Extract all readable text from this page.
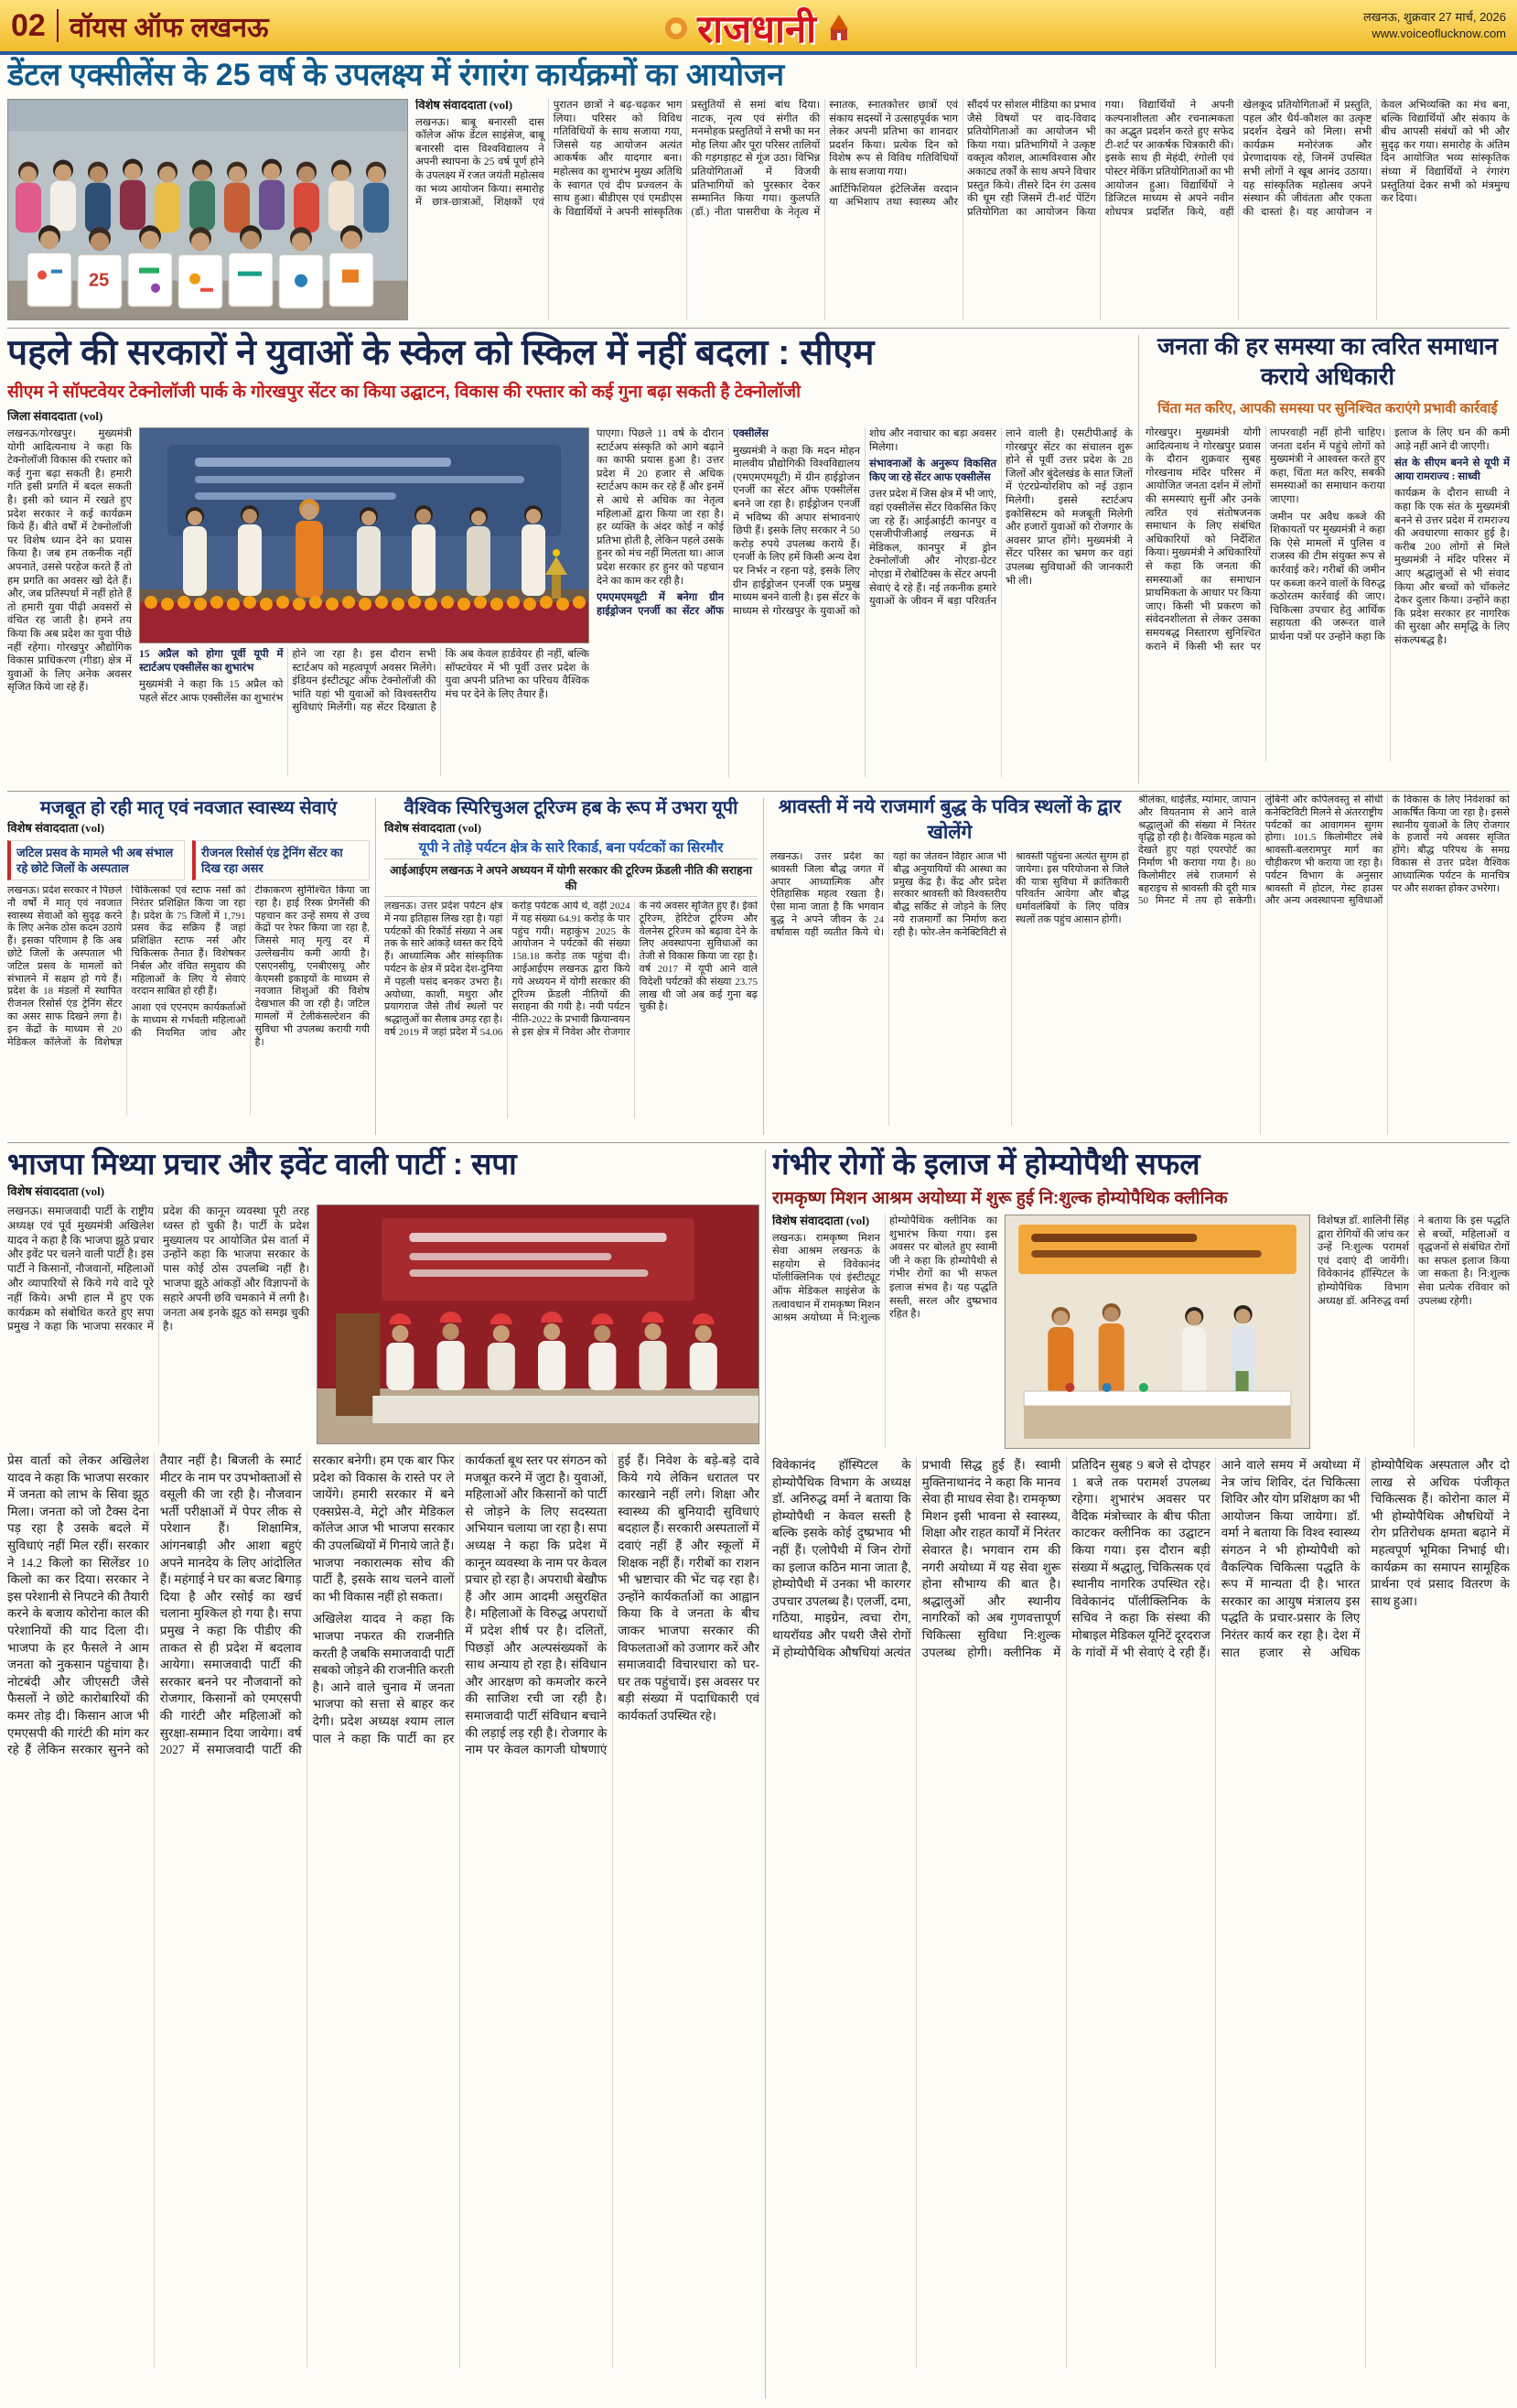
02 वॉयस ऑफ लखनऊ	राजधानी	लखनऊ, शुक्रवार 27 मार्च, 2026
www.voiceoflucknow.com
डेंटल एक्सीलेंस के 25 वर्ष के उपलक्ष्य में रंगारंग कार्यक्रमों का आयोजन
25

विशेष संवाददाता (vol)

लखनऊ। बाबू बनारसी दास कॉलेज ऑफ डेंटल साइंसेज, बाबू बनारसी दास विश्वविद्यालय ने अपनी स्थापना के 25 वर्ष पूर्ण होने के उपलक्ष्य में रजत जयंती महोत्सव का भव्य आयोजन किया। समारोह में छात्र-छात्राओं, शिक्षकों एवं पुरातन छात्रों ने बढ़-चढ़कर भाग लिया। परिसर को विविध गतिविधियों के साथ सजाया गया, जिससे यह आयोजन अत्यंत आकर्षक और यादगार बना। महोत्सव का शुभारंभ मुख्य अतिथि के स्वागत एवं दीप प्रज्वलन के साथ हुआ। बीडीएस एवं एमडीएस के विद्यार्थियों ने अपनी सांस्कृतिक प्रस्तुतियों से समां बांध दिया। नाटक, नृत्य एवं संगीत की मनमोहक प्रस्तुतियों ने सभी का मन मोह लिया और पूरा परिसर तालियों की गड़गड़ाहट से गूंज उठा। विभिन्न प्रतियोगिताओं में विजयी प्रतिभागियों को पुरस्कार देकर सम्मानित किया गया। कुलपति (डॉ.) नीता पासरीचा के नेतृत्व में स्नातक, स्नातकोत्तर छात्रों एवं संकाय सदस्यों ने उत्साहपूर्वक भाग लेकर अपनी प्रतिभा का शानदार प्रदर्शन किया। प्रत्येक दिन को विशेष रूप से विविध गतिविधियों के साथ सजाया गया।

आर्टिफिशियल इंटेलिजेंस वरदान या अभिशाप तथा स्वास्थ्य और सौंदर्य पर सोशल मीडिया का प्रभाव जैसे विषयों पर वाद-विवाद प्रतियोगिताओं का आयोजन भी किया गया। प्रतिभागियों ने उत्कृष्ट वक्तृत्व कौशल, आत्मविश्वास और अकाट्य तर्कों के साथ अपने विचार प्रस्तुत किये। तीसरे दिन रंग उत्सव की धूम रही जिसमें टी-शर्ट पेंटिंग प्रतियोगिता का आयोजन किया गया। विद्यार्थियों ने अपनी कल्पनाशीलता और रचनात्मकता का अद्भुत प्रदर्शन करते हुए सफेद टी-शर्ट पर आकर्षक चित्रकारी की। इसके साथ ही मेहंदी, रंगोली एवं पोस्टर मेकिंग प्रतियोगिताओं का भी आयोजन हुआ। विद्यार्थियों ने डिजिटल माध्यम से अपने नवीन शोधपत्र प्रदर्शित किये, वहीं खेलकूद प्रतियोगिताओं में प्रस्तुति, पहल और धैर्य-कौशल का उत्कृष्ट प्रदर्शन देखने को मिला। सभी कार्यक्रम मनोरंजक और प्रेरणादायक रहे, जिनमें उपस्थित सभी लोगों ने खूब आनंद उठाया। यह सांस्कृतिक महोत्सव अपने संस्थान की जीवंतता और एकता की दास्तां है। यह आयोजन न केवल अभिव्यक्ति का मंच बना, बल्कि विद्यार्थियों और संकाय के बीच आपसी संबंधों को भी और सुदृढ़ कर गया। समारोह के अंतिम दिन आयोजित भव्य सांस्कृतिक संध्या में विद्यार्थियों ने रंगारंग प्रस्तुतियां देकर सभी को मंत्रमुग्ध कर दिया।

पहले की सरकारों ने युवाओं के स्केल को स्किल में नहीं बदला : सीएम
सीएम ने सॉफ्टवेयर टेक्नोलॉजी पार्क के गोरखपुर सेंटर का किया उद्घाटन, विकास की रफ्तार को कई गुना बढ़ा सकती है टेक्नोलॉजी

जिला संवाददाता (vol)

लखनऊ/गोरखपुर। मुख्यमंत्री योगी आदित्यनाथ ने कहा कि टेक्नोलॉजी विकास की रफ्तार को कई गुना बढ़ा सकती है। हमारी गति इसी प्रगति में बदल सकती है। इसी को ध्यान में रखते हुए प्रदेश सरकार ने कई कार्यक्रम किये हैं। बीते वर्षों में टेक्नोलॉजी पर विशेष ध्यान देने का प्रयास किया है। जब हम तकनीक नहीं अपनाते, उससे परहेज करते हैं तो हम प्रगति का अवसर खो देते हैं। और, जब प्रतिस्पर्धा में नहीं होते हैं तो हमारी युवा पीढ़ी अवसरों से वंचित रह जाती है। हमने तय किया कि अब प्रदेश का युवा पीछे नहीं रहेगा। गोरखपुर औद्योगिक विकास प्राधिकरण (गीडा) क्षेत्र में युवाओं के लिए अनेक अवसर सृजित किये जा रहे हैं।

15 अप्रैल को होगा पूर्वी यूपी में स्टार्टअप एक्सीलेंस का शुभारंभ

मुख्यमंत्री ने कहा कि 15 अप्रैल को पहले सेंटर आफ एक्सीलेंस का शुभारंभ होने जा रहा है। इस दौरान सभी स्टार्टअप को महत्वपूर्ण अवसर मिलेंगे। इंडियन इंस्टीट्यूट ऑफ टेक्नोलॉजी की भांति यहां भी युवाओं को विश्वस्तरीय सुविधाएं मिलेंगी। यह सेंटर दिखाता है कि अब केवल हार्डवेयर ही नहीं, बल्कि सॉफ्टवेयर में भी पूर्वी उत्तर प्रदेश के युवा अपनी प्रतिभा का परिचय वैश्विक मंच पर देने के लिए तैयार हैं।

पाएगा। पिछले 11 वर्ष के दौरान स्टार्टअप संस्कृति को आगे बढ़ाने का काफी प्रयास हुआ है। उत्तर प्रदेश में 20 हजार से अधिक स्टार्टअप काम कर रहे हैं और इनमें से आधे से अधिक का नेतृत्व महिलाओं द्वारा किया जा रहा है। हर व्यक्ति के अंदर कोई न कोई प्रतिभा होती है, लेकिन पहले उसके हुनर को मंच नहीं मिलता था। आज प्रदेश सरकार हर हुनर को पहचान देने का काम कर रही है।

एमएमएमयूटी में बनेगा ग्रीन हाईड्रोजन एनर्जी का सेंटर ऑफ एक्सीलेंस

मुख्यमंत्री ने कहा कि मदन मोहन मालवीय प्रौद्योगिकी विश्वविद्यालय (एमएमएमयूटी) में ग्रीन हाईड्रोजन एनर्जी का सेंटर ऑफ एक्सीलेंस बनने जा रहा है। हाईड्रोजन एनर्जी में भविष्य की अपार संभावनाएं छिपी हैं। इसके लिए सरकार ने 50 करोड़ रुपये उपलब्ध कराये हैं। एनर्जी के लिए हमें किसी अन्य देश पर निर्भर न रहना पड़े, इसके लिए ग्रीन हाईड्रोजन एनर्जी एक प्रमुख माध्यम बनने वाली है। इस सेंटर के माध्यम से गोरखपुर के युवाओं को शोध और नवाचार का बड़ा अवसर मिलेगा।

संभावनाओं के अनुरूप विकसित किए जा रहे सेंटर आफ एक्सीलेंस

उत्तर प्रदेश में जिस क्षेत्र में भी जाएं, वहां एक्सीलेंस सेंटर विकसित किए जा रहे हैं। आईआईटी कानपुर व एसजीपीजीआई लखनऊ में मेडिकल, कानपुर में ड्रोन टेक्नोलॉजी और नोएडा-ग्रेटर नोएडा में रोबोटिक्स के सेंटर अपनी सेवाएं दे रहे हैं। नई तकनीक हमारे युवाओं के जीवन में बड़ा परिवर्तन लाने वाली है। एसटीपीआई के गोरखपुर सेंटर का संचालन शुरू होने से पूर्वी उत्तर प्रदेश के 28 जिलों और बुंदेलखंड के सात जिलों में एंटरप्रेन्योरशिप को नई उड़ान मिलेगी। इससे स्टार्टअप इकोसिस्टम को मजबूती मिलेगी और हजारों युवाओं को रोजगार के अवसर प्राप्त होंगे। मुख्यमंत्री ने सेंटर परिसर का भ्रमण कर वहां उपलब्ध सुविधाओं की जानकारी भी ली।

जनता की हर समस्या का त्वरित समाधान कराये अधिकारी
चिंता मत करिए, आपकी समस्या पर सुनिश्चित कराएंगे प्रभावी कार्रवाई

गोरखपुर। मुख्यमंत्री योगी आदित्यनाथ ने गोरखपुर प्रवास के दौरान शुक्रवार सुबह गोरखनाथ मंदिर परिसर में आयोजित जनता दर्शन में लोगों की समस्याएं सुनीं और उनके त्वरित एवं संतोषजनक समाधान के लिए संबंधित अधिकारियों को निर्देशित किया। मुख्यमंत्री ने अधिकारियों से कहा कि जनता की समस्याओं का समाधान प्राथमिकता के आधार पर किया जाए। किसी भी प्रकरण को संवेदनशीलता से लेकर उसका समयबद्ध निस्तारण सुनिश्चित कराने में किसी भी स्तर पर लापरवाही नहीं होनी चाहिए। जनता दर्शन में पहुंचे लोगों को मुख्यमंत्री ने आश्वस्त करते हुए कहा, चिंता मत करिए, सबकी समस्याओं का समाधान कराया जाएगा।

जमीन पर अवैध कब्जे की शिकायतों पर मुख्यमंत्री ने कहा कि ऐसे मामलों में पुलिस व राजस्व की टीम संयुक्त रूप से कार्रवाई करे। गरीबों की जमीन पर कब्जा करने वालों के विरुद्ध कठोरतम कार्रवाई की जाए। चिकित्सा उपचार हेतु आर्थिक सहायता की जरूरत वाले प्रार्थना पत्रों पर उन्होंने कहा कि इलाज के लिए धन की कमी आड़े नहीं आने दी जाएगी।

संत के सीएम बनने से यूपी में आया रामराज्य : साध्वी

कार्यक्रम के दौरान साध्वी ने कहा कि एक संत के मुख्यमंत्री बनने से उत्तर प्रदेश में रामराज्य की अवधारणा साकार हुई है। करीब 200 लोगों से मिले मुख्यमंत्री ने मंदिर परिसर में आए श्रद्धालुओं से भी संवाद किया और बच्चों को चॉकलेट देकर दुलार किया। उन्होंने कहा कि प्रदेश सरकार हर नागरिक की सुरक्षा और समृद्धि के लिए संकल्पबद्ध है।

मजबूत हो रही मातृ एवं नवजात स्वास्थ्य सेवाएं

विशेष संवाददाता (vol)

जटिल प्रसव के मामले भी अब संभाल रहे छोटे जिलों के अस्पताल
रीजनल रिसोर्स एंड ट्रेनिंग सेंटर का दिख रहा असर

लखनऊ। प्रदेश सरकार ने पिछले नौ वर्षों में मातृ एवं नवजात स्वास्थ्य सेवाओं को सुदृढ़ करने के लिए अनेक ठोस कदम उठाये हैं। इसका परिणाम है कि अब छोटे जिलों के अस्पताल भी जटिल प्रसव के मामलों को संभालने में सक्षम हो गये हैं। प्रदेश के 18 मंडलों में स्थापित रीजनल रिसोर्स एंड ट्रेनिंग सेंटर का असर साफ दिखने लगा है। इन केंद्रों के माध्यम से 20 मेडिकल कॉलेजों के विशेषज्ञ चिकित्सकों एवं स्टाफ नर्सों को निरंतर प्रशिक्षित किया जा रहा है। प्रदेश के 75 जिलों में 1,791 प्रसव केंद्र सक्रिय हैं जहां प्रशिक्षित स्टाफ नर्स और चिकित्सक तैनात हैं। विशेषकर निर्बल और वंचित समुदाय की महिलाओं के लिए ये सेवाएं वरदान साबित हो रही हैं।

आशा एवं एएनएम कार्यकर्ताओं के माध्यम से गर्भवती महिलाओं की नियमित जांच और टीकाकरण सुनिश्चित किया जा रहा है। हाई रिस्क प्रेगनेंसी की पहचान कर उन्हें समय से उच्च केंद्रों पर रेफर किया जा रहा है, जिससे मातृ मृत्यु दर में उल्लेखनीय कमी आयी है। एसएनसीयू, एनबीएसयू और केएमसी इकाइयों के माध्यम से नवजात शिशुओं की विशेष देखभाल की जा रही है। जटिल मामलों में टेलीकंसल्टेशन की सुविधा भी उपलब्ध करायी गयी है।

वैश्विक स्पिरिचुअल टूरिज्म हब के रूप में उभरा यूपी

विशेष संवाददाता (vol)

यूपी ने तोड़े पर्यटन क्षेत्र के सारे रिकार्ड, बना पर्यटकों का सिरमौर
आईआईएम लखनऊ ने अपने अध्ययन में योगी सरकार की टूरिज्म फ्रेंडली नीति की सराहना की

लखनऊ। उत्तर प्रदेश पर्यटन क्षेत्र में नया इतिहास लिख रहा है। यहां पर्यटकों की रिकॉर्ड संख्या ने अब तक के सारे आंकड़े ध्वस्त कर दिये हैं। आध्यात्मिक और सांस्कृतिक पर्यटन के क्षेत्र में प्रदेश देश-दुनिया में पहली पसंद बनकर उभरा है। अयोध्या, काशी, मथुरा और प्रयागराज जैसे तीर्थ स्थलों पर श्रद्धालुओं का सैलाब उमड़ रहा है। वर्ष 2019 में जहां प्रदेश में 54.06 करोड़ पर्यटक आये थे, वहीं 2024 में यह संख्या 64.91 करोड़ के पार पहुंच गयी। महाकुंभ 2025 के आयोजन ने पर्यटकों की संख्या 158.18 करोड़ तक पहुंचा दी। आईआईएम लखनऊ द्वारा किये गये अध्ययन में योगी सरकार की टूरिज्म फ्रेंडली नीतियों की सराहना की गयी है। नयी पर्यटन नीति-2022 के प्रभावी क्रियान्वयन से इस क्षेत्र में निवेश और रोजगार के नये अवसर सृजित हुए हैं। ईको टूरिज्म, हेरिटेज टूरिज्म और वेलनेस टूरिज्म को बढ़ावा देने के लिए अवस्थापना सुविधाओं का तेजी से विकास किया जा रहा है। वर्ष 2017 में यूपी आने वाले विदेशी पर्यटकों की संख्या 23.75 लाख थी जो अब कई गुना बढ़ चुकी है।

श्रावस्ती में नये राजमार्ग बुद्ध के पवित्र स्थलों के द्वार खोलेंगे

लखनऊ। उत्तर प्रदेश का श्रावस्ती जिला बौद्ध जगत में अपार आध्यात्मिक और ऐतिहासिक महत्व रखता है। ऐसा माना जाता है कि भगवान बुद्ध ने अपने जीवन के 24 वर्षावास यहीं व्यतीत किये थे। यहां का जेतवन विहार आज भी बौद्ध अनुयायियों की आस्था का प्रमुख केंद्र है। केंद्र और प्रदेश सरकार श्रावस्ती को विश्वस्तरीय बौद्ध सर्किट से जोड़ने के लिए नये राजमार्गों का निर्माण करा रही है। फोर-लेन कनेक्टिविटी से श्रावस्ती पहुंचना अत्यंत सुगम हो जायेगा। इस परियोजना से जिले की यात्रा सुविधा में क्रांतिकारी परिवर्तन आयेगा और बौद्ध धर्मावलंबियों के लिए पवित्र स्थलों तक पहुंच आसान होगी।

श्रीलंका, थाईलैंड, म्यांमार, जापान और वियतनाम से आने वाले श्रद्धालुओं की संख्या में निरंतर वृद्धि हो रही है। वैश्विक महत्व को देखते हुए यहां एयरपोर्ट का निर्माण भी कराया गया है। 80 किलोमीटर लंबे राजमार्ग से बहराइच से श्रावस्ती की दूरी मात्र 50 मिनट में तय हो सकेगी। लुंबिनी और कपिलवस्तु से सीधी कनेक्टिविटी मिलने से अंतरराष्ट्रीय पर्यटकों का आवागमन सुगम होगा। 101.5 किलोमीटर लंबे श्रावस्ती-बलरामपुर मार्ग का चौड़ीकरण भी कराया जा रहा है। पर्यटन विभाग के अनुसार श्रावस्ती में होटल, गेस्ट हाउस और अन्य अवस्थापना सुविधाओं के विकास के लिए निवेशकों को आकर्षित किया जा रहा है। इससे स्थानीय युवाओं के लिए रोजगार के हजारों नये अवसर सृजित होंगे। बौद्ध परिपथ के समग्र विकास से उत्तर प्रदेश वैश्विक आध्यात्मिक पर्यटन के मानचित्र पर और सशक्त होकर उभरेगा।

भाजपा मिथ्या प्रचार और इवेंट वाली पार्टी : सपा

विशेष संवाददाता (vol)

लखनऊ। समाजवादी पार्टी के राष्ट्रीय अध्यक्ष एवं पूर्व मुख्यमंत्री अखिलेश यादव ने कहा है कि भाजपा झूठे प्रचार और इवेंट पर चलने वाली पार्टी है। इस पार्टी ने किसानों, नौजवानों, महिलाओं और व्यापारियों से किये गये वादे पूरे नहीं किये। अभी हाल में हुए एक कार्यक्रम को संबोधित करते हुए सपा प्रमुख ने कहा कि भाजपा सरकार में प्रदेश की कानून व्यवस्था पूरी तरह ध्वस्त हो चुकी है। पार्टी के प्रदेश मुख्यालय पर आयोजित प्रेस वार्ता में उन्होंने कहा कि भाजपा सरकार के पास कोई ठोस उपलब्धि नहीं है। भाजपा झूठे आंकड़ों और विज्ञापनों के सहारे अपनी छवि चमकाने में लगी है। जनता अब इनके झूठ को समझ चुकी है।

प्रेस वार्ता को लेकर अखिलेश यादव ने कहा कि भाजपा सरकार में जनता को लाभ के सिवा झूठ मिला। जनता को जो टैक्स देना पड़ रहा है उसके बदले में सुविधाएं नहीं मिल रहीं। सरकार ने 14.2 किलो का सिलेंडर 10 किलो का कर दिया। सरकार ने इस परेशानी से निपटने की तैयारी करने के बजाय कोरोना काल की परेशानियों की याद दिला दी। भाजपा के हर फैसले ने आम जनता को नुकसान पहुंचाया है। नोटबंदी और जीएसटी जैसे फैसलों ने छोटे कारोबारियों की कमर तोड़ दी। किसान आज भी एमएसपी की गारंटी की मांग कर रहे हैं लेकिन सरकार सुनने को तैयार नहीं है। बिजली के स्मार्ट मीटर के नाम पर उपभोक्ताओं से वसूली की जा रही है। नौजवान भर्ती परीक्षाओं में पेपर लीक से परेशान हैं। शिक्षामित्र, आंगनबाड़ी और आशा बहुएं अपने मानदेय के लिए आंदोलित हैं। महंगाई ने घर का बजट बिगाड़ दिया है और रसोई का खर्च चलाना मुश्किल हो गया है। सपा प्रमुख ने कहा कि पीडीए की ताकत से ही प्रदेश में बदलाव आयेगा। समाजवादी पार्टी की सरकार बनने पर नौजवानों को रोजगार, किसानों को एमएसपी की गारंटी और महिलाओं को सुरक्षा-सम्मान दिया जायेगा। वर्ष 2027 में समाजवादी पार्टी की सरकार बनेगी। हम एक बार फिर प्रदेश को विकास के रास्ते पर ले जायेंगे। हमारी सरकार में बने एक्सप्रेस-वे, मेट्रो और मेडिकल कॉलेज आज भी भाजपा सरकार की उपलब्धियों में गिनाये जाते हैं। भाजपा नकारात्मक सोच की पार्टी है, इसके साथ चलने वालों का भी विकास नहीं हो सकता।

अखिलेश यादव ने कहा कि भाजपा नफरत की राजनीति करती है जबकि समाजवादी पार्टी सबको जोड़ने की राजनीति करती है। आने वाले चुनाव में जनता भाजपा को सत्ता से बाहर कर देगी। प्रदेश अध्यक्ष श्याम लाल पाल ने कहा कि पार्टी का हर कार्यकर्ता बूथ स्तर पर संगठन को मजबूत करने में जुटा है। युवाओं, महिलाओं और किसानों को पार्टी से जोड़ने के लिए सदस्यता अभियान चलाया जा रहा है। सपा अध्यक्ष ने कहा कि प्रदेश में कानून व्यवस्था के नाम पर केवल प्रचार हो रहा है। अपराधी बेखौफ हैं और आम आदमी असुरक्षित है। महिलाओं के विरुद्ध अपराधों में प्रदेश शीर्ष पर है। दलितों, पिछड़ों और अल्पसंख्यकों के साथ अन्याय हो रहा है। संविधान और आरक्षण को कमजोर करने की साजिश रची जा रही है। समाजवादी पार्टी संविधान बचाने की लड़ाई लड़ रही है। रोजगार के नाम पर केवल कागजी घोषणाएं हुई हैं। निवेश के बड़े-बड़े दावे किये गये लेकिन धरातल पर कारखाने नहीं लगे। शिक्षा और स्वास्थ्य की बुनियादी सुविधाएं बदहाल हैं। सरकारी अस्पतालों में दवाएं नहीं हैं और स्कूलों में शिक्षक नहीं हैं। गरीबों का राशन भी भ्रष्टाचार की भेंट चढ़ रहा है। उन्होंने कार्यकर्ताओं का आह्वान किया कि वे जनता के बीच जाकर भाजपा सरकार की विफलताओं को उजागर करें और समाजवादी विचारधारा को घर-घर तक पहुंचायें। इस अवसर पर बड़ी संख्या में पदाधिकारी एवं कार्यकर्ता उपस्थित रहे।

गंभीर रोगों के इलाज में होम्योपैथी सफल
रामकृष्ण मिशन आश्रम अयोध्या में शुरू हुई नि:शुल्क होम्योपैथिक क्लीनिक

विशेष संवाददाता (vol)

लखनऊ। रामकृष्ण मिशन सेवा आश्रम लखनऊ के सहयोग से विवेकानंद पॉलीक्लिनिक एवं इंस्टीट्यूट ऑफ मेडिकल साइंसेज के तत्वावधान में रामकृष्ण मिशन आश्रम अयोध्या में नि:शुल्क होम्योपैथिक क्लीनिक का शुभारंभ किया गया। इस अवसर पर बोलते हुए स्वामी जी ने कहा कि होम्योपैथी से गंभीर रोगों का भी सफल इलाज संभव है। यह पद्धति सस्ती, सरल और दुष्प्रभाव रहित है।

विशेषज्ञ डॉ. शालिनी सिंह द्वारा रोगियों की जांच कर उन्हें नि:शुल्क परामर्श एवं दवाएं दी जायेंगी। विवेकानंद हॉस्पिटल के होम्योपैथिक विभाग अध्यक्ष डॉ. अनिरुद्ध वर्मा ने बताया कि इस पद्धति से बच्चों, महिलाओं व वृद्धजनों से संबंधित रोगों का सफल इलाज किया जा सकता है। नि:शुल्क सेवा प्रत्येक रविवार को उपलब्ध रहेगी।

विवेकानंद हॉस्पिटल के होम्योपैथिक विभाग के अध्यक्ष डॉ. अनिरुद्ध वर्मा ने बताया कि होम्योपैथी न केवल सस्ती है बल्कि इसके कोई दुष्प्रभाव भी नहीं हैं। एलोपैथी में जिन रोगों का इलाज कठिन माना जाता है, होम्योपैथी में उनका भी कारगर उपचार उपलब्ध है। एलर्जी, दमा, गठिया, माइग्रेन, त्वचा रोग, थायरॉयड और पथरी जैसे रोगों में होम्योपैथिक औषधियां अत्यंत प्रभावी सिद्ध हुई हैं। स्वामी मुक्तिनाथानंद ने कहा कि मानव सेवा ही माधव सेवा है। रामकृष्ण मिशन इसी भावना से स्वास्थ्य, शिक्षा और राहत कार्यों में निरंतर सेवारत है। भगवान राम की नगरी अयोध्या में यह सेवा शुरू होना सौभाग्य की बात है। श्रद्धालुओं और स्थानीय नागरिकों को अब गुणवत्तापूर्ण चिकित्सा सुविधा नि:शुल्क उपलब्ध होगी। क्लीनिक में प्रतिदिन सुबह 9 बजे से दोपहर 1 बजे तक परामर्श उपलब्ध रहेगा। शुभारंभ अवसर पर वैदिक मंत्रोच्चार के बीच फीता काटकर क्लीनिक का उद्घाटन किया गया। इस दौरान बड़ी संख्या में श्रद्धालु, चिकित्सक एवं स्थानीय नागरिक उपस्थित रहे। विवेकानंद पॉलीक्लिनिक के सचिव ने कहा कि संस्था की मोबाइल मेडिकल यूनिटें दूरदराज के गांवों में भी सेवाएं दे रही हैं। आने वाले समय में अयोध्या में नेत्र जांच शिविर, दंत चिकित्सा शिविर और योग प्रशिक्षण का भी आयोजन किया जायेगा। डॉ. वर्मा ने बताया कि विश्व स्वास्थ्य संगठन ने भी होम्योपैथी को वैकल्पिक चिकित्सा पद्धति के रूप में मान्यता दी है। भारत सरकार का आयुष मंत्रालय इस पद्धति के प्रचार-प्रसार के लिए निरंतर कार्य कर रहा है। देश में सात हजार से अधिक होम्योपैथिक अस्पताल और दो लाख से अधिक पंजीकृत चिकित्सक हैं। कोरोना काल में भी होम्योपैथिक औषधियों ने रोग प्रतिरोधक क्षमता बढ़ाने में महत्वपूर्ण भूमिका निभाई थी। कार्यक्रम का समापन सामूहिक प्रार्थना एवं प्रसाद वितरण के साथ हुआ।
